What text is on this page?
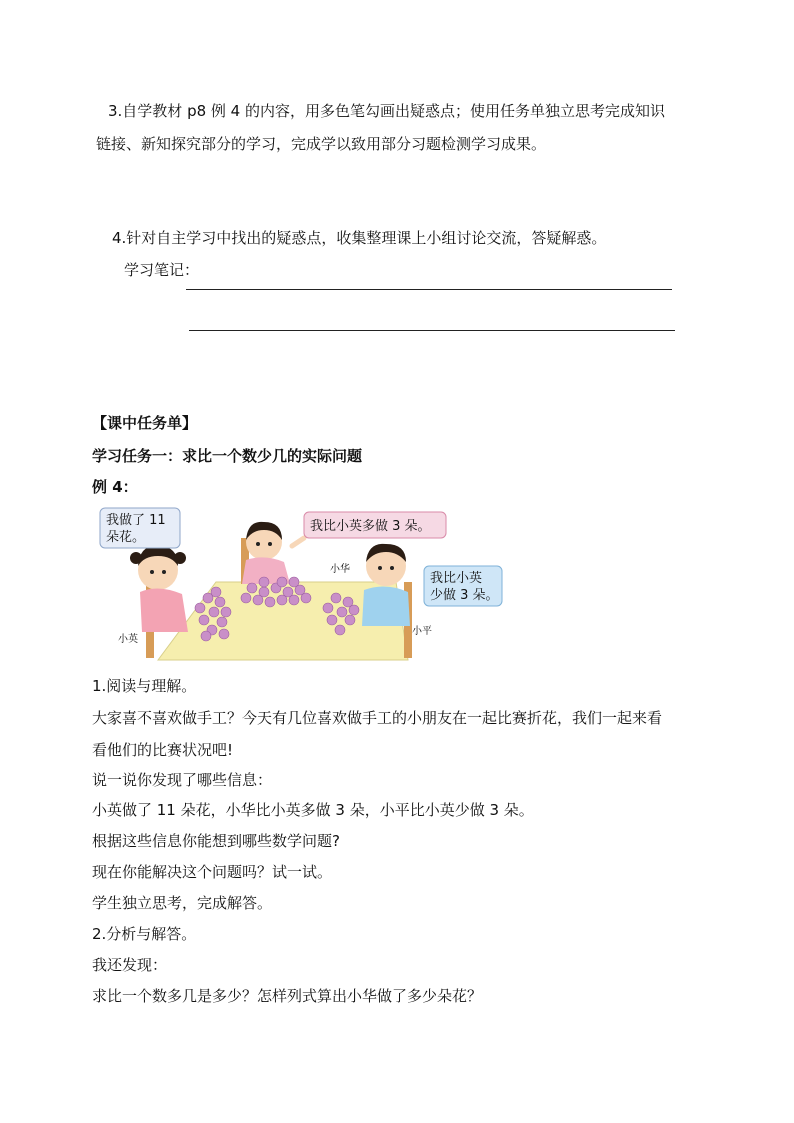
3.自学教材 p8 例 4 的内容，用多色笔勾画出疑惑点；使用任务单独立思考完成知识
链接、新知探究部分的学习，完成学以致用部分习题检测学习成果。
4.针对自主学习中找出的疑惑点，收集整理课上小组讨论交流，答疑解惑。
学习笔记：
【课中任务单】
学习任务一：求比一个数少几的实际问题
例 4：
我做了 11
朵花。
我比小英多做 3 朵。
我比小英
少做 3 朵。
小英
小华
小平
1.阅读与理解。
大家喜不喜欢做手工？今天有几位喜欢做手工的小朋友在一起比赛折花，我们一起来看
看他们的比赛状况吧!
说一说你发现了哪些信息：
小英做了 11 朵花，小华比小英多做 3 朵，小平比小英少做 3 朵。
根据这些信息你能想到哪些数学问题?
现在你能解决这个问题吗？试一试。
学生独立思考，完成解答。
2.分析与解答。
我还发现：
求比一个数多几是多少？怎样列式算出小华做了多少朵花？
